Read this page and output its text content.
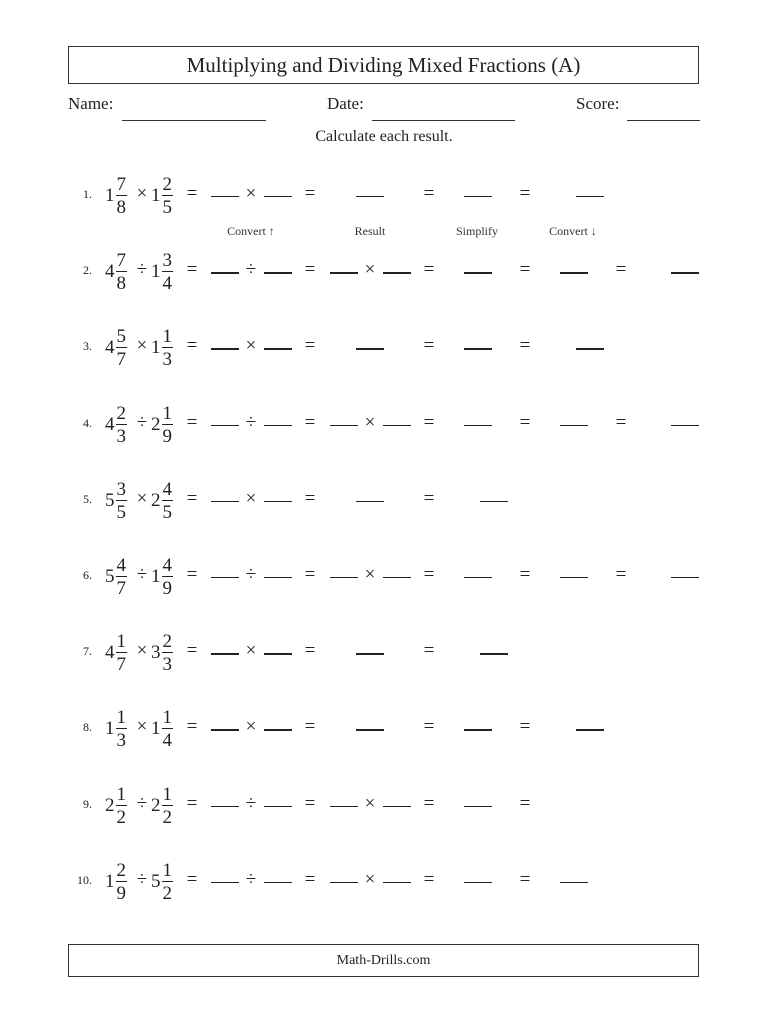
Multiplying and Dividing Mixed Fractions (A)
Name:	Date:	Score:
Calculate each result.
Convert ↑	Result	Simplify	Convert ↓
1. $1 \frac{7}{8} \times 1 \frac{2}{5}$ =	×	=	=	=
2. $4 \frac{7}{8} \div 1 \frac{3}{4}$ =	÷	=	×	=	=	=
3. $4 \frac{5}{7} \times 1 \frac{1}{3}$ =	×	=	=	=
4. $4 \frac{2}{3} \div 2 \frac{1}{9}$ =	÷	=	×	=	=	=
5. $5 \frac{3}{5} \times 2 \frac{4}{5}$ =	×	=	=
6. $5 \frac{4}{7} \div 1 \frac{4}{9}$ =	÷	=	×	=	=	=
7. $4 \frac{1}{7} \times 3 \frac{2}{3}$ =	×	=	=
8. $1 \frac{1}{3} \times 1 \frac{1}{4}$ =	×	=	=	=
9. $2 \frac{1}{2} \div 2 \frac{1}{2}$ =	÷	=	×	=	=
10. $1 \frac{2}{9} \div 5 \frac{1}{2}$ =	÷	=	×	=	=
Math-Drills.com
